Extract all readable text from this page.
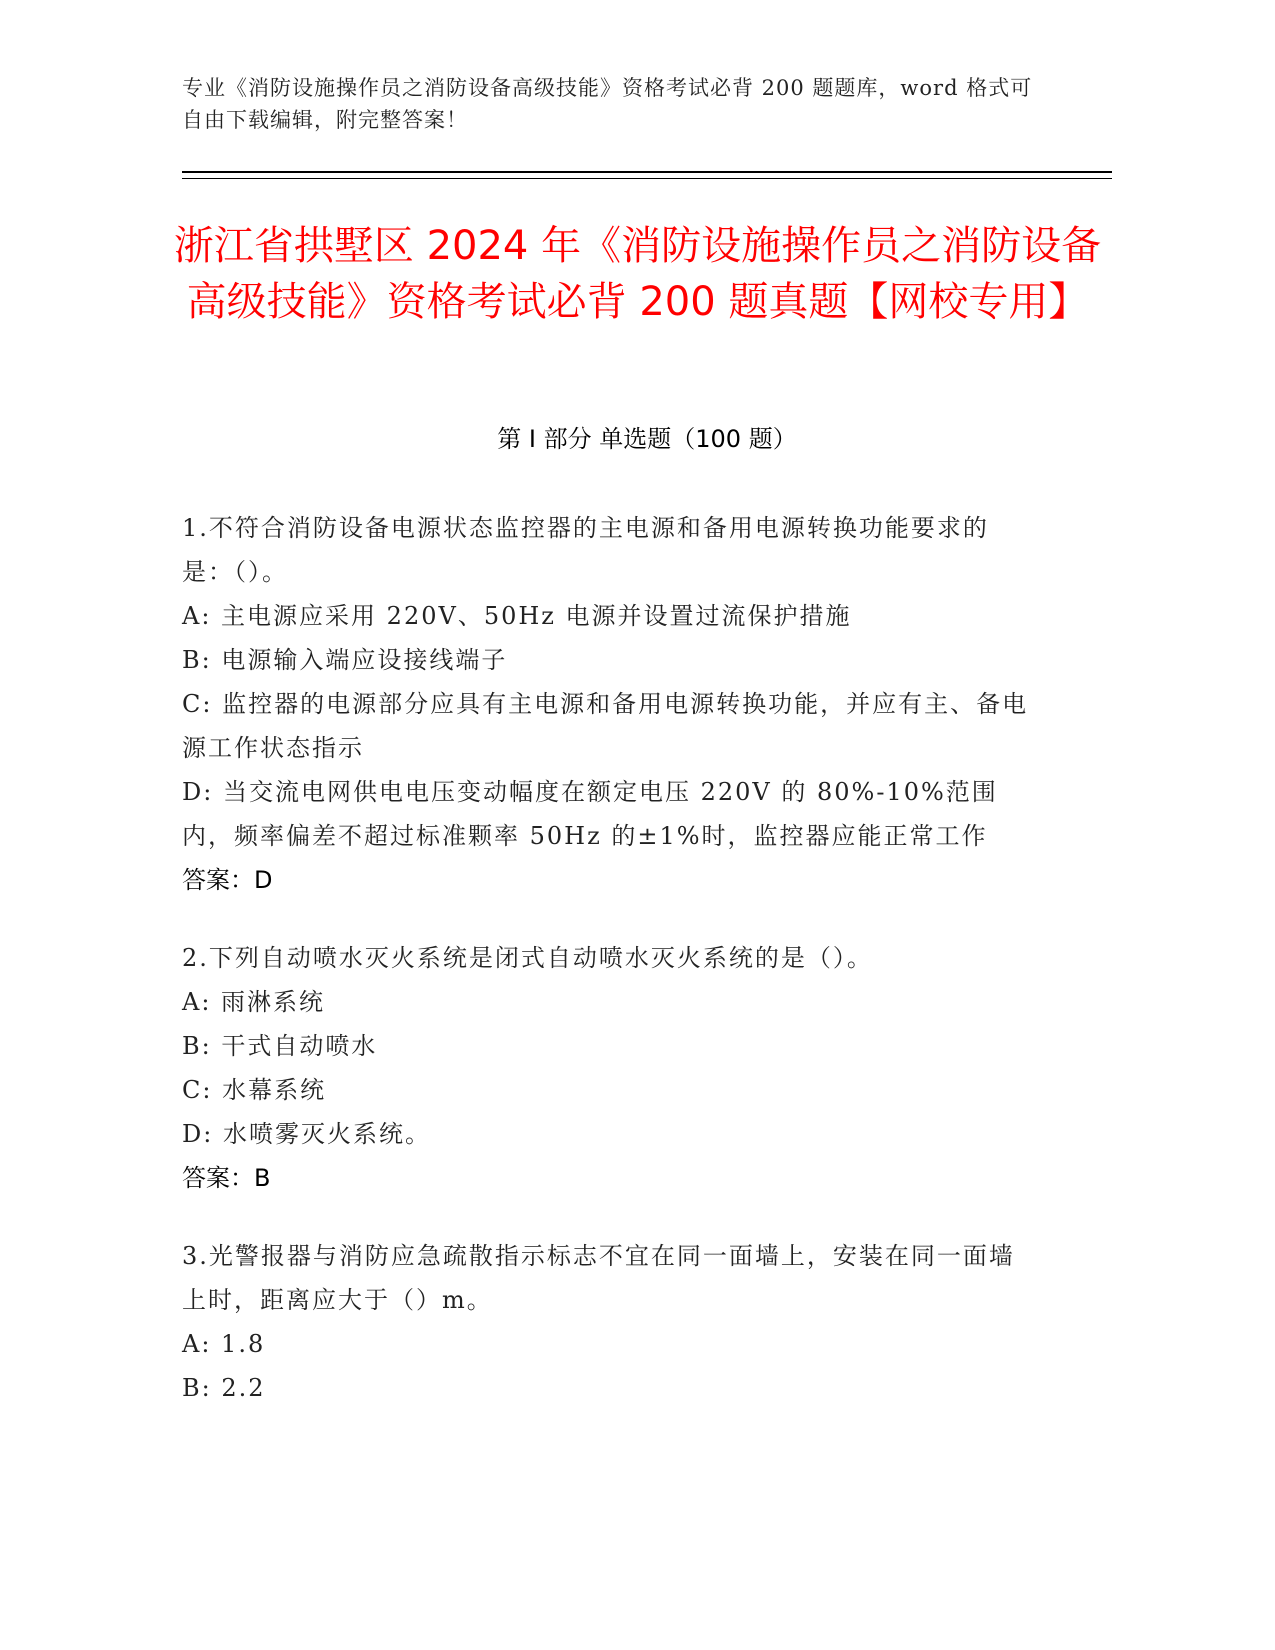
专业《消防设施操作员之消防设备高级技能》资格考试必背 200 题题库，word 格式可自由下载编辑，附完整答案！
浙江省拱墅区 2024 年《消防设施操作员之消防设备高级技能》资格考试必背 200 题真题【网校专用】
第 I 部分 单选题（100 题）
1.不符合消防设备电源状态监控器的主电源和备用电源转换功能要求的是：（）。
A: 主电源应采用 220V、50Hz 电源并设置过流保护措施
B: 电源输入端应设接线端子
C: 监控器的电源部分应具有主电源和备用电源转换功能，并应有主、备电源工作状态指示
D: 当交流电网供电电压变动幅度在额定电压 220V 的 80%-10%范围内，频率偏差不超过标准颗率 50Hz 的±1%时，监控器应能正常工作
答案：D
2.下列自动喷水灭火系统是闭式自动喷水灭火系统的是（）。
A: 雨淋系统
B: 干式自动喷水
C: 水幕系统
D: 水喷雾灭火系统。
答案：B
3.光警报器与消防应急疏散指示标志不宜在同一面墙上，安装在同一面墙上时，距离应大于（）m。
A: 1.8
B: 2.2
